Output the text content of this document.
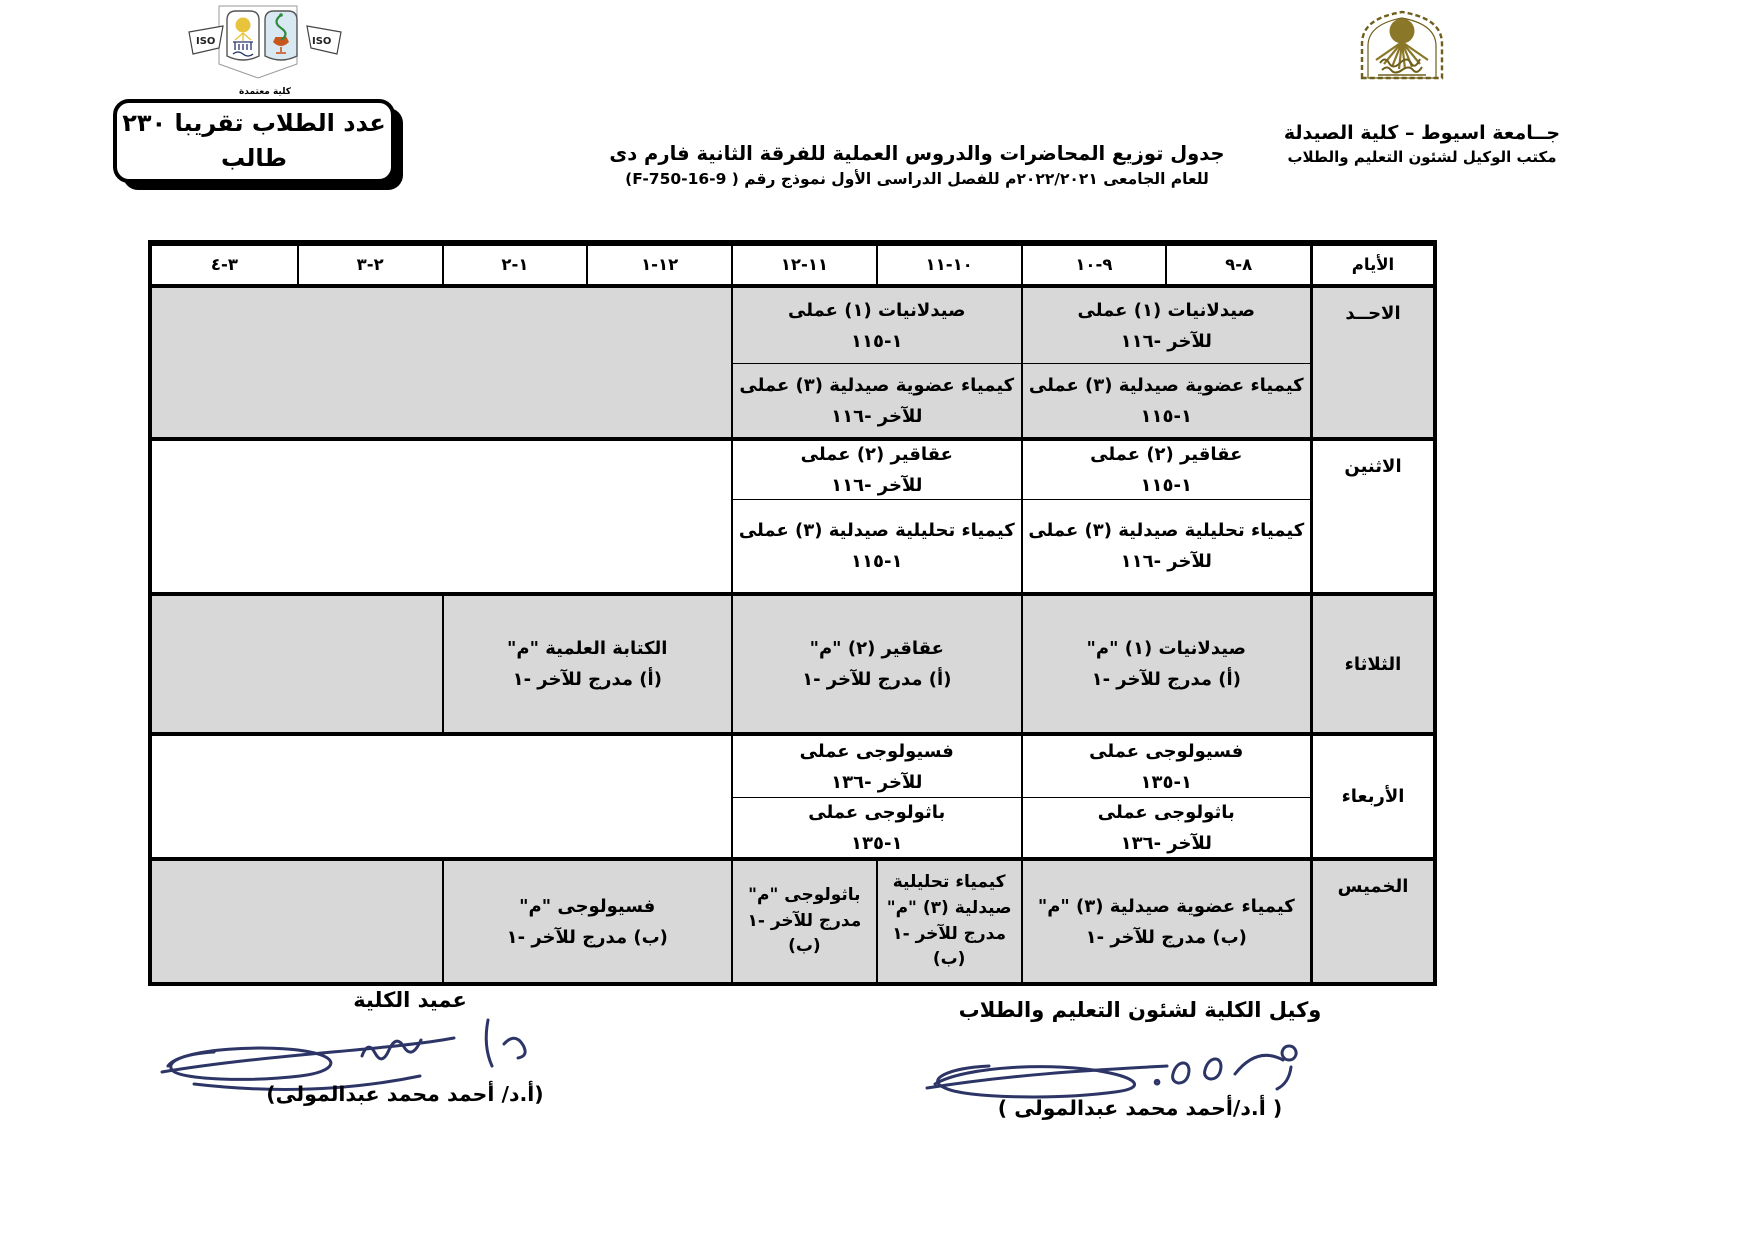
ISO	ISO
كلية معتمدة
عدد الطلاب تقريبا ٢٣٠
طالب
جــامعة اسيوط – كلية الصيدلة
مكتب الوكيل لشئون التعليم والطلاب
جدول توزيع المحاضرات والدروس العملية للفرقة الثانية فارم دى
للعام الجامعى ٢٠٢٢/٢٠٢١م للفصل الدراسى الأول نموذج رقم ( F-750-16-9)
الأيام
٨-٩
٩-١٠
١٠-١١
١١-١٢
١٢-١
١-٢
٢-٣
٣-٤
الاحــد
صيدلانيات (١) عملى
للآخر -١١٦
كيمياء عضوية صيدلية (٣) عملى
١-١١٥
صيدلانيات (١) عملى
١-١١٥
كيمياء عضوية صيدلية (٣) عملى
للآخر -١١٦
الاثنين
عقاقير (٢) عملى
١-١١٥
كيمياء تحليلية صيدلية (٣) عملى
للآخر -١١٦
عقاقير (٢) عملى
للآخر -١١٦
كيمياء تحليلية صيدلية (٣) عملى
١-١١٥
الثلاثاء
صيدلانيات (١) "م"
(أ) مدرج للآخر -١
عقاقير (٢) "م"
(أ) مدرج للآخر -١
الكتابة العلمية "م"
(أ) مدرج للآخر -١
الأربعاء
فسيولوجى عملى
١-١٣٥
باثولوجى عملى
للآخر -١٣٦
فسيولوجى عملى
للآخر -١٣٦
باثولوجى عملى
١-١٣٥
الخميس
كيمياء عضوية صيدلية (٣) "م"
(ب) مدرج للآخر -١
كيمياء تحليلية
صيدلية (٣) "م"
مدرج للآخر -١
(ب)
باثولوجى "م"
مدرج للآخر -١
(ب)
فسيولوجى "م"
(ب) مدرج للآخر -١
وكيل الكلية لشئون التعليم والطلاب
( أ.د/أحمد محمد عبدالمولى )
عميد الكلية
(أ.د/ أحمد محمد عبدالمولى)
